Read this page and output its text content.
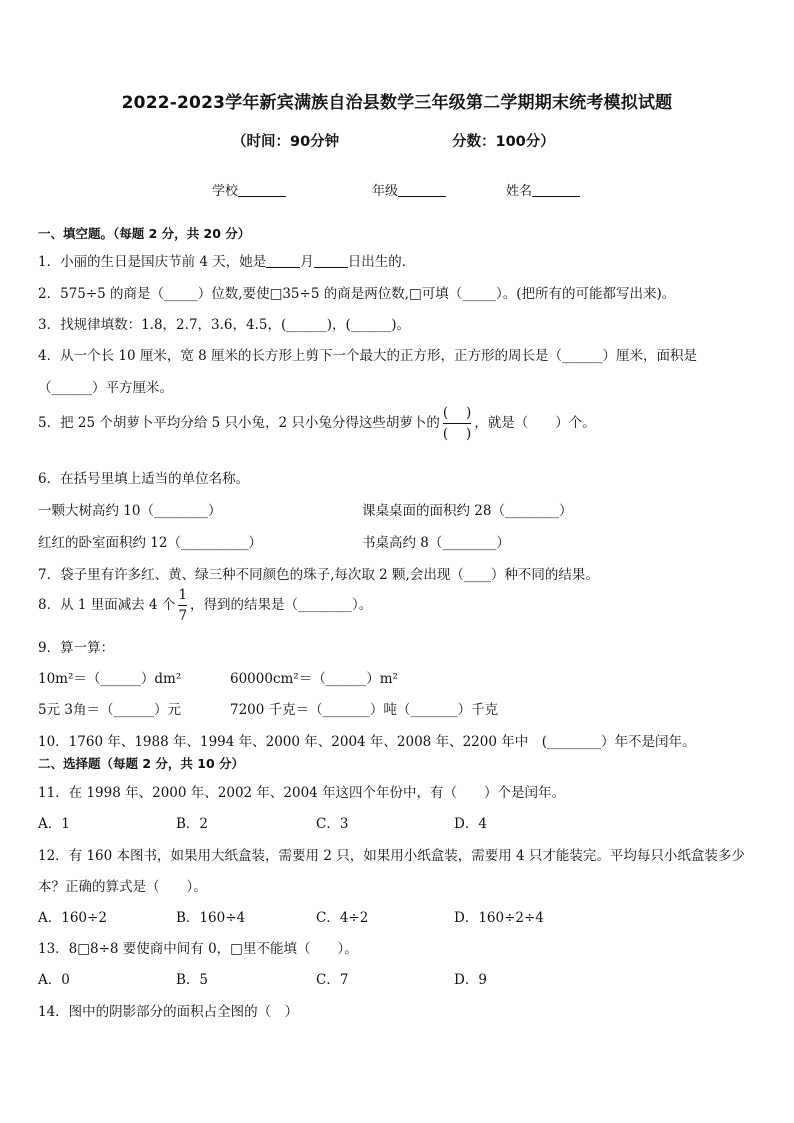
2022-2023学年新宾满族自治县数学三年级第二学期期末统考模拟试题
（时间：90分钟	分数：100分）
学校	年级	姓名
一、填空题。（每题 2 分，共 20 分）
1．小丽的生日是国庆节前 4 天，她是	月	日出生的．
2．575÷5 的商是（_____）位数,要使□35÷5 的商是两位数,□可填（_____）。(把所有的可能都写出来)。
3．找规律填数：1.8，2.7，3.6，4.5，(______)，(______)。
4．从一个长 10 厘米，宽 8 厘米的长方形上剪下一个最大的正方形，正方形的周长是（______）厘米，面积是
（______）平方厘米。
5．把 25 个胡萝卜平均分给 5 只小兔，2 只小兔分得这些胡萝卜的 $\frac{( )}{( )}$ ，就是（　　）个。
6．在括号里填上适当的单位名称。
一颗大树高约 10（________）	课桌桌面的面积约 28（________）
红红的卧室面积约 12（__________）	书桌高约 8（________）
7．袋子里有许多红、黄、绿三种不同颜色的珠子,每次取 2 颗,会出现（____）种不同的结果。
8．从 1 里面减去 4 个 $\frac{1}{7}$ ，得到的结果是（________）。
9．算一算：
10m²＝（______）dm²	60000cm²＝（______）m²
5元 3角＝（______）元	7200 千克＝（_______）吨（_______）千克
10．1760 年、1988 年、1994 年、2000 年、2004 年、2008 年、2200 年中　(________）年不是闰年。
二、选择题（每题 2 分，共 10 分）
11．在 1998 年、2000 年、2002 年、2004 年这四个年份中，有（　　）个是闰年。
A．1	B．2	C．3	D．4
12．有 160 本图书，如果用大纸盒装，需要用 2 只，如果用小纸盒装，需要用 4 只才能装完。平均每只小纸盒装多少
本？正确的算式是（　　）。
A．160÷2	B．160÷4	C．4÷2	D．160÷2÷4
13．8□8÷8 要使商中间有 0，□里不能填（　　）。
A．0	B．5	C．7	D．9
14．图中的阴影部分的面积占全图的（　）
